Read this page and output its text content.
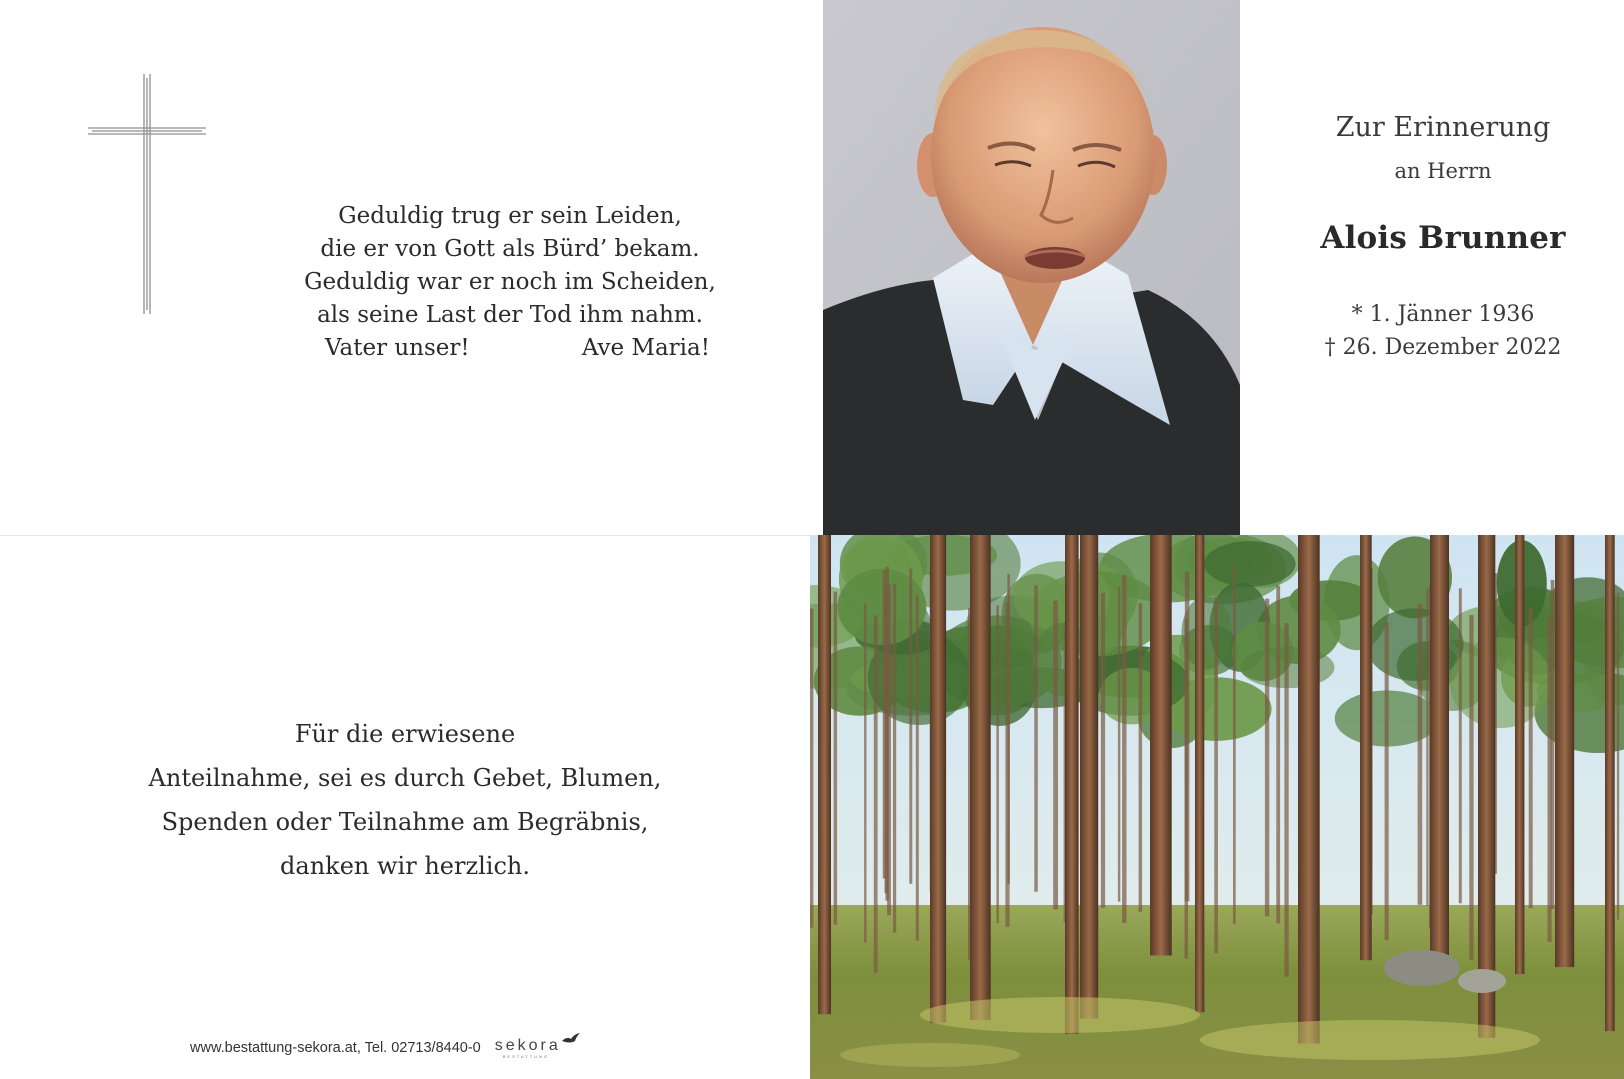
Geduldig trug er sein Leiden,
die er von Gott als Bürd’ bekam.
Geduldig war er noch im Scheiden,
als seine Last der Tod ihm nahm.
Vater unser!	Ave Maria!
Zur Erinnerung
an Herrn
Alois Brunner
* 1. Jänner 1936
† 26. Dezember 2022
Für die erwiesene
Anteilnahme, sei es durch Gebet, Blumen,
Spenden oder Teilnahme am Begräbnis,
danken wir herzlich.
www.bestattung-sekora.at, Tel. 02713/8440-0 sekora
BESTATTUNG
